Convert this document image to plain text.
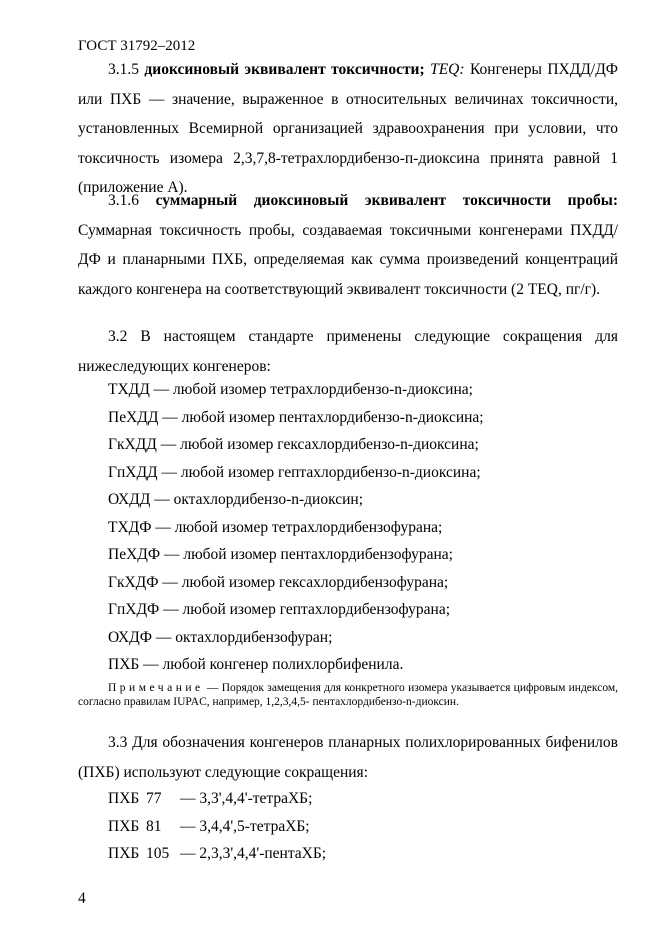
ГОСТ 31792–2012
3.1.5 диоксиновый эквивалент токсичности; TEQ: Конгенеры ПХДД/ДФ или ПХБ — значение, выраженное в относительных величинах токсичности, установленных Всемирной организацией здравоохранения при условии, что токсичность изомера 2,3,7,8-тетрахлордибензо-п-диоксина принята равной 1 (приложение А).
3.1.6 суммарный диоксиновый эквивалент токсичности пробы:
Суммарная токсичность пробы, создаваемая токсичными конгенерами ПХДД/ДФ и планарными ПХБ, определяемая как сумма произведений концентраций каждого конгенера на соответствующий эквивалент токсичности (2 TEQ, пг/г).
3.2 В настоящем стандарте применены следующие сокращения для нижеследующих конгенеров:
ТХДД — любой изомер тетрахлордибензо-n-диоксина;
ПеХДД — любой изомер пентахлордибензо-n-диоксина;
ГкХДД — любой изомер гексахлордибензо-n-диоксина;
ГпХДД — любой изомер гептахлордибензо-n-диоксина;
ОХДД — октахлордибензо-n-диоксин;
ТХДФ — любой изомер тетрахлордибензофурана;
ПеХДФ — любой изомер пентахлордибензофурана;
ГкХДФ — любой изомер гексахлордибензофурана;
ГпХДФ — любой изомер гептахлордибензофурана;
ОХДФ — октахлордибензофуран;
ПХБ — любой конгенер полихлорбифенила.
Примечание — Порядок замещения для конкретного изомера указывается цифровым индексом, согласно правилам IUPAC, например, 1,2,3,4,5- пентахлордибензо-n-диоксин.
3.3 Для обозначения конгенеров планарных полихлорированных бифенилов (ПХБ) используют следующие сокращения:
ПХБ 77	— 3,3',4,4'-тетраХБ;
ПХБ 81	— 3,4,4',5-тетраХБ;
ПХБ 105 — 2,3,3',4,4'-пентаХБ;
4
